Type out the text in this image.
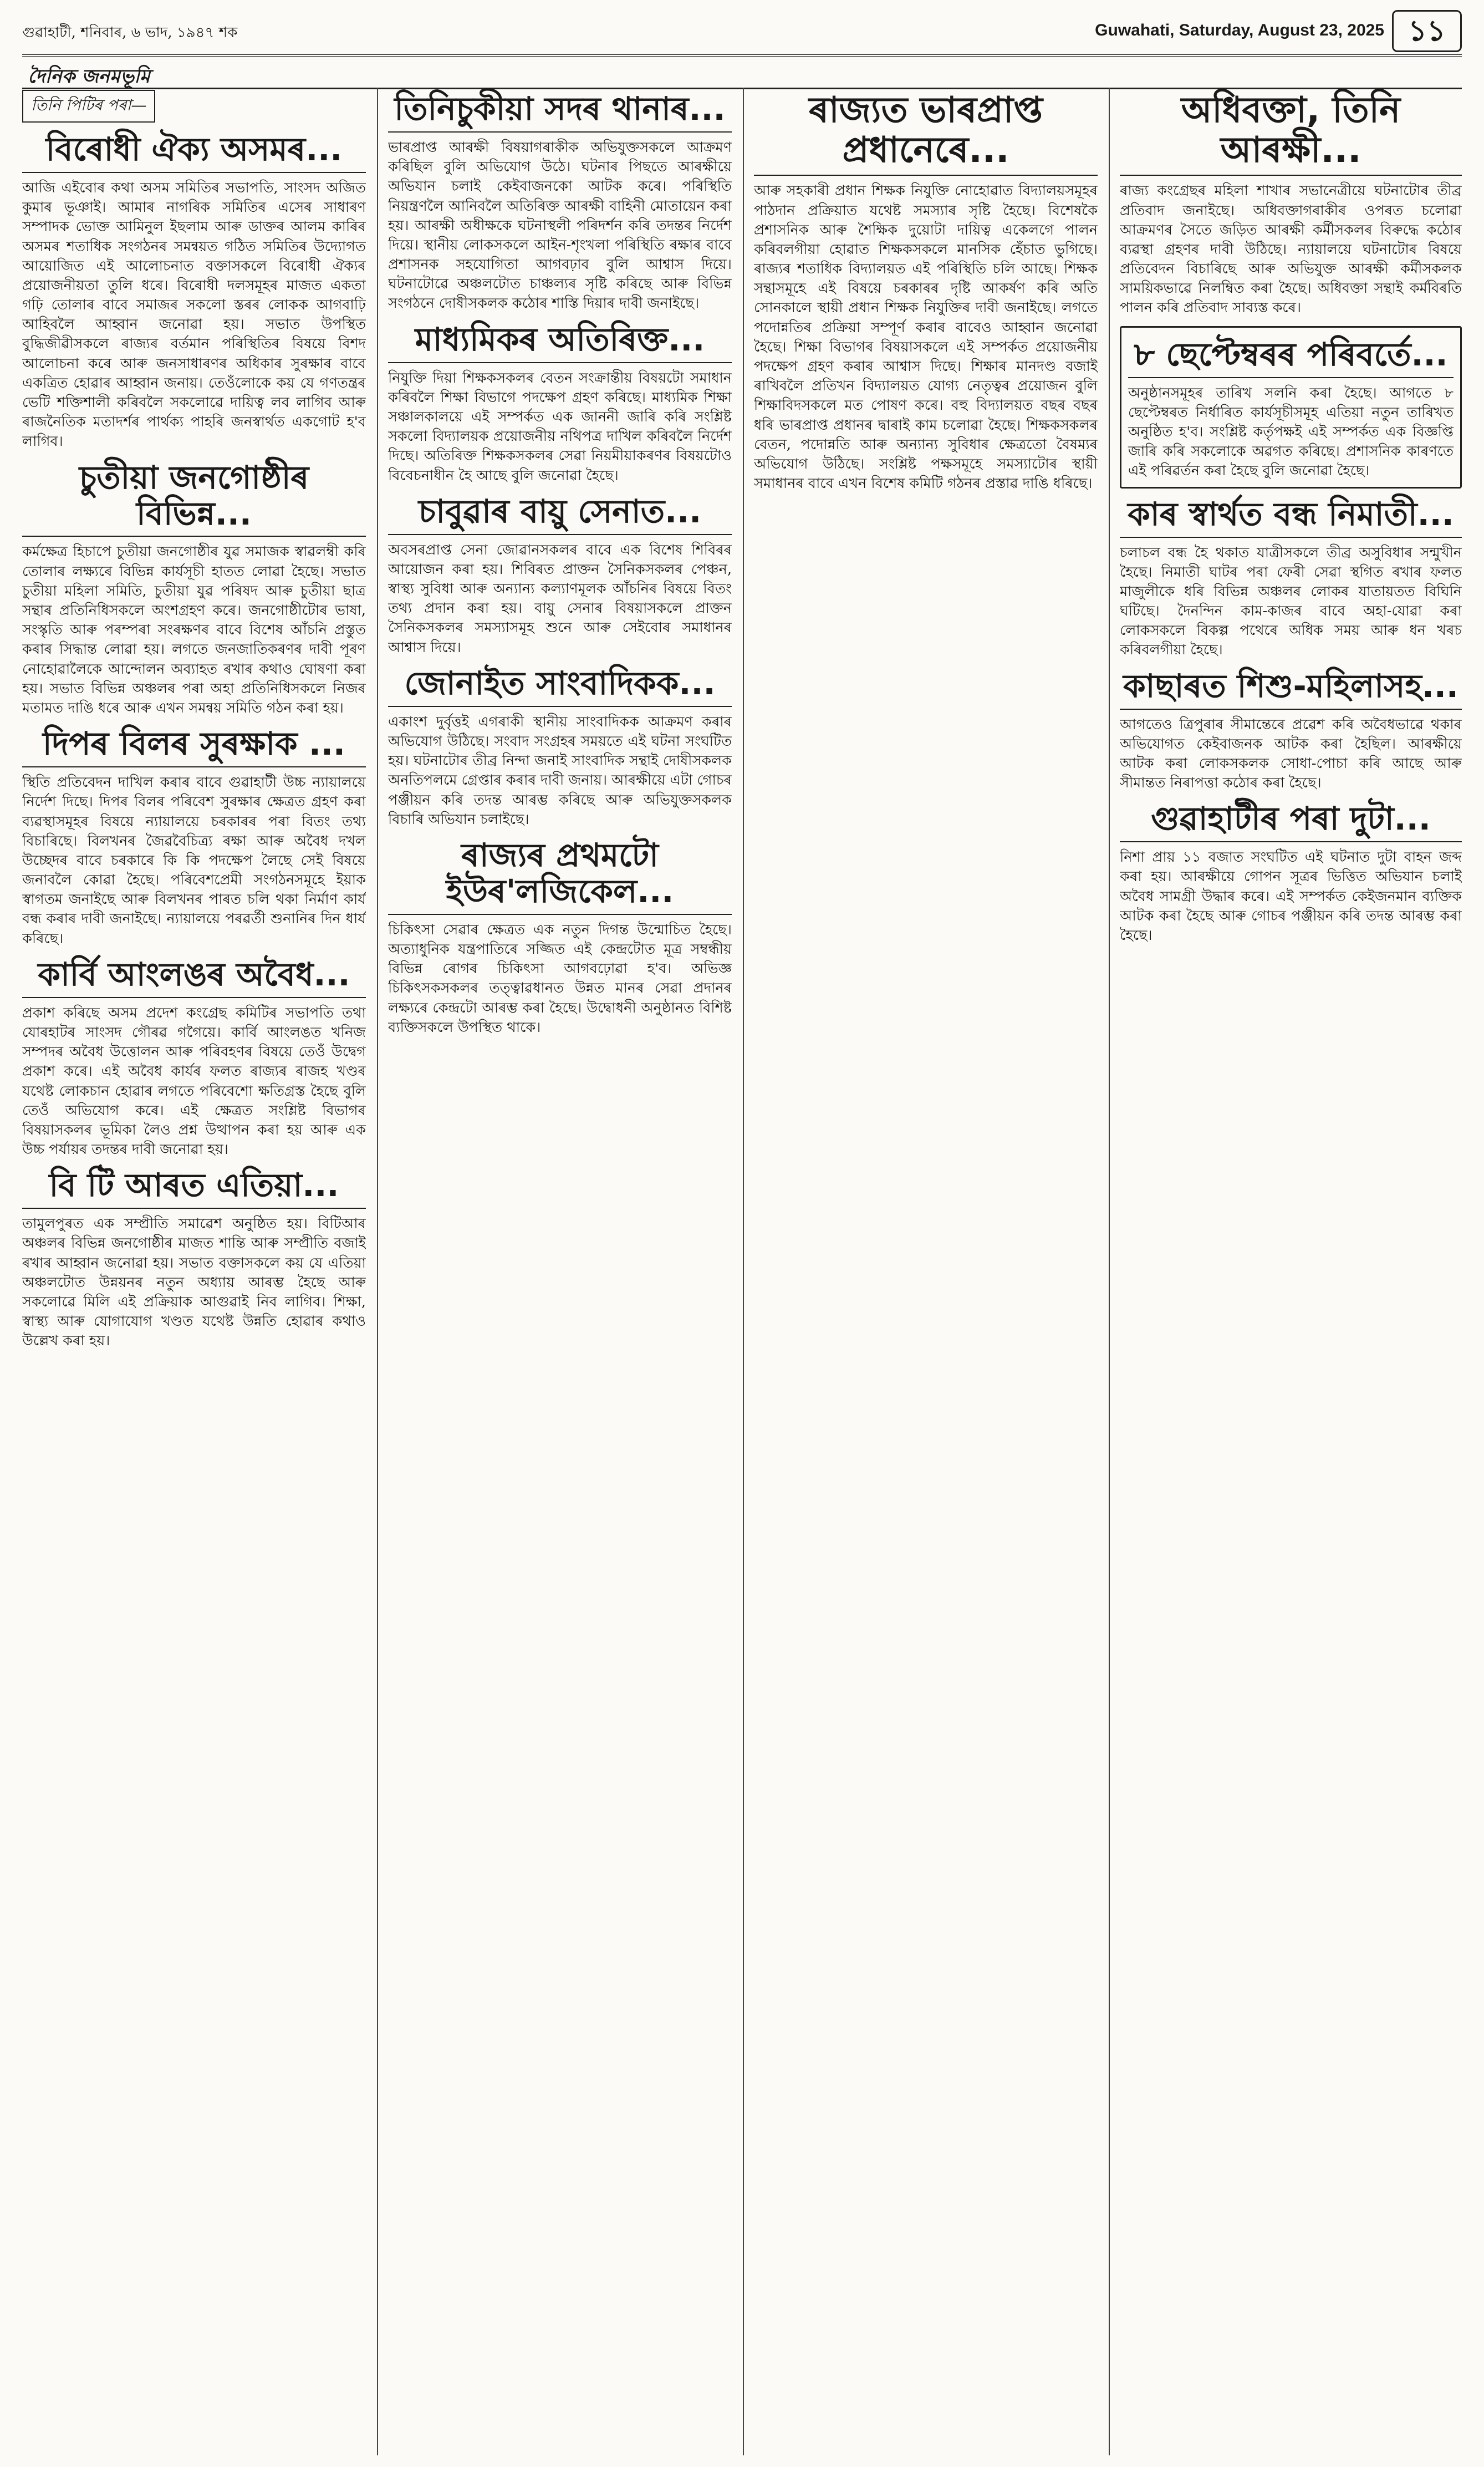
গুৱাহাটী, শনিবাৰ, ৬ ভাদ, ১৯৪৭ শক	Guwahati, Saturday, August 23, 2025 ১১
দৈনিক জনমভূমি
তিনি পিটিৰ পৰা—
বিৰোধী ঐক্য অসমৰ...
আজি এইবোৰ কথা অসম সমিতিৰ সভাপতি, সাংসদ অজিত কুমাৰ ভূঞাই। আমাৰ নাগৰিক সমিতিৰ এসেৰ সাধাৰণ সম্পাদক ভোক্ত আমিনুল ইছলাম আৰু ডাক্তৰ আলম কাৰিৰ অসমৰ শতাধিক সংগঠনৰ সমন্বয়ত গঠিত সমিতিৰ উদ্যোগত আয়োজিত এই আলোচনাত বক্তাসকলে বিৰোধী ঐক্যৰ প্ৰয়োজনীয়তা তুলি ধৰে। বিৰোধী দলসমূহৰ মাজত একতা গঢ়ি তোলাৰ বাবে সমাজৰ সকলো স্তৰৰ লোকক আগবাঢ়ি আহিবলৈ আহ্বান জনোৱা হয়। সভাত উপস্থিত বুদ্ধিজীৱীসকলে ৰাজ্যৰ বৰ্তমান পৰিস্থিতিৰ বিষয়ে বিশদ আলোচনা কৰে আৰু জনসাধাৰণৰ অধিকাৰ সুৰক্ষাৰ বাবে একত্ৰিত হোৱাৰ আহ্বান জনায়। তেওঁলোকে কয় যে গণতন্ত্ৰৰ ভেটি শক্তিশালী কৰিবলৈ সকলোৱে দায়িত্ব লব লাগিব আৰু ৰাজনৈতিক মতাদৰ্শৰ পাৰ্থক্য পাহৰি জনস্বাৰ্থত একগোট হ'ব লাগিব।
চুতীয়া জনগোষ্ঠীৰ বিভিন্ন...
কৰ্মক্ষেত্ৰ হিচাপে চুতীয়া জনগোষ্ঠীৰ যুৱ সমাজক স্বাৱলম্বী কৰি তোলাৰ লক্ষ্যৰে বিভিন্ন কাৰ্যসূচী হাতত লোৱা হৈছে। সভাত চুতীয়া মহিলা সমিতি, চুতীয়া যুৱ পৰিষদ আৰু চুতীয়া ছাত্ৰ সন্থাৰ প্ৰতিনিধিসকলে অংশগ্ৰহণ কৰে। জনগোষ্ঠীটোৰ ভাষা, সংস্কৃতি আৰু পৰম্পৰা সংৰক্ষণৰ বাবে বিশেষ আঁচনি প্ৰস্তুত কৰাৰ সিদ্ধান্ত লোৱা হয়। লগতে জনজাতিকৰণৰ দাবী পূৰণ নোহোৱালৈকে আন্দোলন অব্যাহত ৰখাৰ কথাও ঘোষণা কৰা হয়। সভাত বিভিন্ন অঞ্চলৰ পৰা অহা প্ৰতিনিধিসকলে নিজৰ মতামত দাঙি ধৰে আৰু এখন সমন্বয় সমিতি গঠন কৰা হয়।
দিপৰ বিলৰ সুৰক্ষাক ...
স্থিতি প্ৰতিবেদন দাখিল কৰাৰ বাবে গুৱাহাটী উচ্চ ন্যায়ালয়ে নিৰ্দেশ দিছে। দিপৰ বিলৰ পৰিবেশ সুৰক্ষাৰ ক্ষেত্ৰত গ্ৰহণ কৰা ব্যৱস্থাসমূহৰ বিষয়ে ন্যায়ালয়ে চৰকাৰৰ পৰা বিতং তথ্য বিচাৰিছে। বিলখনৰ জৈৱবৈচিত্ৰ্য ৰক্ষা আৰু অবৈধ দখল উচ্ছেদৰ বাবে চৰকাৰে কি কি পদক্ষেপ লৈছে সেই বিষয়ে জনাবলৈ কোৱা হৈছে। পৰিবেশপ্ৰেমী সংগঠনসমূহে ইয়াক স্বাগতম জনাইছে আৰু বিলখনৰ পাৰত চলি থকা নিৰ্মাণ কাৰ্য বন্ধ কৰাৰ দাবী জনাইছে। ন্যায়ালয়ে পৰৱৰ্তী শুনানিৰ দিন ধাৰ্য কৰিছে।
কাৰ্বি আংলঙৰ অবৈধ...
প্ৰকাশ কৰিছে অসম প্ৰদেশ কংগ্ৰেছ কমিটিৰ সভাপতি তথা যোৰহাটৰ সাংসদ গৌৰৱ গগৈয়ে। কাৰ্বি আংলঙত খনিজ সম্পদৰ অবৈধ উত্তোলন আৰু পৰিবহণৰ বিষয়ে তেওঁ উদ্বেগ প্ৰকাশ কৰে। এই অবৈধ কাৰ্যৰ ফলত ৰাজ্যৰ ৰাজহ খণ্ডৰ যথেষ্ট লোকচান হোৱাৰ লগতে পৰিবেশো ক্ষতিগ্ৰস্ত হৈছে বুলি তেওঁ অভিযোগ কৰে। এই ক্ষেত্ৰত সংশ্লিষ্ট বিভাগৰ বিষয়াসকলৰ ভূমিকা লৈও প্ৰশ্ন উত্থাপন কৰা হয় আৰু এক উচ্চ পৰ্যায়ৰ তদন্তৰ দাবী জনোৱা হয়।
বি টি আৰত এতিয়া...
তামুলপুৰত এক সম্প্ৰীতি সমাৱেশ অনুষ্ঠিত হয়। বিটিআৰ অঞ্চলৰ বিভিন্ন জনগোষ্ঠীৰ মাজত শান্তি আৰু সম্প্ৰীতি বজাই ৰখাৰ আহ্বান জনোৱা হয়। সভাত বক্তাসকলে কয় যে এতিয়া অঞ্চলটোত উন্নয়নৰ নতুন অধ্যায় আৰম্ভ হৈছে আৰু সকলোৱে মিলি এই প্ৰক্ৰিয়াক আগুৱাই নিব লাগিব। শিক্ষা, স্বাস্থ্য আৰু যোগাযোগ খণ্ডত যথেষ্ট উন্নতি হোৱাৰ কথাও উল্লেখ কৰা হয়।
তিনিচুকীয়া সদৰ থানাৰ...
ভাৰপ্ৰাপ্ত আৰক্ষী বিষয়াগৰাকীক অভিযুক্তসকলে আক্ৰমণ কৰিছিল বুলি অভিযোগ উঠে। ঘটনাৰ পিছতে আৰক্ষীয়ে অভিযান চলাই কেইবাজনকো আটক কৰে। পৰিস্থিতি নিয়ন্ত্ৰণলৈ আনিবলৈ অতিৰিক্ত আৰক্ষী বাহিনী মোতায়েন কৰা হয়। আৰক্ষী অধীক্ষকে ঘটনাস্থলী পৰিদৰ্শন কৰি তদন্তৰ নিৰ্দেশ দিয়ে। স্থানীয় লোকসকলে আইন-শৃংখলা পৰিস্থিতি ৰক্ষাৰ বাবে প্ৰশাসনক সহযোগিতা আগবঢ়াব বুলি আশ্বাস দিয়ে। ঘটনাটোৱে অঞ্চলটোত চাঞ্চল্যৰ সৃষ্টি কৰিছে আৰু বিভিন্ন সংগঠনে দোষীসকলক কঠোৰ শাস্তি দিয়াৰ দাবী জনাইছে।
মাধ্যমিকৰ অতিৰিক্ত...
নিযুক্তি দিয়া শিক্ষকসকলৰ বেতন সংক্ৰান্তীয় বিষয়টো সমাধান কৰিবলৈ শিক্ষা বিভাগে পদক্ষেপ গ্ৰহণ কৰিছে। মাধ্যমিক শিক্ষা সঞ্চালকালয়ে এই সম্পৰ্কত এক জাননী জাৰি কৰি সংশ্লিষ্ট সকলো বিদ্যালয়ক প্ৰয়োজনীয় নথিপত্ৰ দাখিল কৰিবলৈ নিৰ্দেশ দিছে। অতিৰিক্ত শিক্ষকসকলৰ সেৱা নিয়মীয়াকৰণৰ বিষয়টোও বিবেচনাধীন হৈ আছে বুলি জনোৱা হৈছে।
চাবুৱাৰ বায়ু সেনাত...
অবসৰপ্ৰাপ্ত সেনা জোৱানসকলৰ বাবে এক বিশেষ শিবিৰৰ আয়োজন কৰা হয়। শিবিৰত প্ৰাক্তন সৈনিকসকলৰ পেঞ্চন, স্বাস্থ্য সুবিধা আৰু অন্যান্য কল্যাণমূলক আঁচনিৰ বিষয়ে বিতং তথ্য প্ৰদান কৰা হয়। বায়ু সেনাৰ বিষয়াসকলে প্ৰাক্তন সৈনিকসকলৰ সমস্যাসমূহ শুনে আৰু সেইবোৰ সমাধানৰ আশ্বাস দিয়ে।
জোনাইত সাংবাদিকক...
একাংশ দুৰ্বৃত্তই এগৰাকী স্থানীয় সাংবাদিকক আক্ৰমণ কৰাৰ অভিযোগ উঠিছে। সংবাদ সংগ্ৰহৰ সময়তে এই ঘটনা সংঘটিত হয়। ঘটনাটোৰ তীব্ৰ নিন্দা জনাই সাংবাদিক সন্থাই দোষীসকলক অনতিপলমে গ্ৰেপ্তাৰ কৰাৰ দাবী জনায়। আৰক্ষীয়ে এটা গোচৰ পঞ্জীয়ন কৰি তদন্ত আৰম্ভ কৰিছে আৰু অভিযুক্তসকলক বিচাৰি অভিযান চলাইছে।
ৰাজ্যৰ প্ৰথমটো ইউৰ'লজিকেল...
চিকিৎসা সেৱাৰ ক্ষেত্ৰত এক নতুন দিগন্ত উন্মোচিত হৈছে। অত্যাধুনিক যন্ত্ৰপাতিৰে সজ্জিত এই কেন্দ্ৰটোত মূত্ৰ সম্বন্ধীয় বিভিন্ন ৰোগৰ চিকিৎসা আগবঢ়োৱা হ'ব। অভিজ্ঞ চিকিৎসকসকলৰ তত্ত্বাৱধানত উন্নত মানৰ সেৱা প্ৰদানৰ লক্ষ্যৰে কেন্দ্ৰটো আৰম্ভ কৰা হৈছে। উদ্বোধনী অনুষ্ঠানত বিশিষ্ট ব্যক্তিসকলে উপস্থিত থাকে।
ৰাজ্যত ভাৰপ্ৰাপ্ত প্ৰধানেৰে...
আৰু সহকাৰী প্ৰধান শিক্ষক নিযুক্তি নোহোৱাত বিদ্যালয়সমূহৰ পাঠদান প্ৰক্ৰিয়াত যথেষ্ট সমস্যাৰ সৃষ্টি হৈছে। বিশেষকৈ প্ৰশাসনিক আৰু শৈক্ষিক দুয়োটা দায়িত্ব একেলগে পালন কৰিবলগীয়া হোৱাত শিক্ষকসকলে মানসিক হেঁচাত ভুগিছে। ৰাজ্যৰ শতাধিক বিদ্যালয়ত এই পৰিস্থিতি চলি আছে। শিক্ষক সন্থাসমূহে এই বিষয়ে চৰকাৰৰ দৃষ্টি আকৰ্ষণ কৰি অতি সোনকালে স্থায়ী প্ৰধান শিক্ষক নিযুক্তিৰ দাবী জনাইছে। লগতে পদোন্নতিৰ প্ৰক্ৰিয়া সম্পূৰ্ণ কৰাৰ বাবেও আহ্বান জনোৱা হৈছে। শিক্ষা বিভাগৰ বিষয়াসকলে এই সম্পৰ্কত প্ৰয়োজনীয় পদক্ষেপ গ্ৰহণ কৰাৰ আশ্বাস দিছে। শিক্ষাৰ মানদণ্ড বজাই ৰাখিবলৈ প্ৰতিখন বিদ্যালয়ত যোগ্য নেতৃত্বৰ প্ৰয়োজন বুলি শিক্ষাবিদসকলে মত পোষণ কৰে। বহু বিদ্যালয়ত বছৰ বছৰ ধৰি ভাৰপ্ৰাপ্ত প্ৰধানৰ দ্বাৰাই কাম চলোৱা হৈছে। শিক্ষকসকলৰ বেতন, পদোন্নতি আৰু অন্যান্য সুবিধাৰ ক্ষেত্ৰতো বৈষম্যৰ অভিযোগ উঠিছে। সংশ্লিষ্ট পক্ষসমূহে সমস্যাটোৰ স্থায়ী সমাধানৰ বাবে এখন বিশেষ কমিটি গঠনৰ প্ৰস্তাৱ দাঙি ধৰিছে।
অধিবক্তা, তিনি আৰক্ষী...
ৰাজ্য কংগ্ৰেছৰ মহিলা শাখাৰ সভানেত্ৰীয়ে ঘটনাটোৰ তীব্ৰ প্ৰতিবাদ জনাইছে। অধিবক্তাগৰাকীৰ ওপৰত চলোৱা আক্ৰমণৰ সৈতে জড়িত আৰক্ষী কৰ্মীসকলৰ বিৰুদ্ধে কঠোৰ ব্যৱস্থা গ্ৰহণৰ দাবী উঠিছে। ন্যায়ালয়ে ঘটনাটোৰ বিষয়ে প্ৰতিবেদন বিচাৰিছে আৰু অভিযুক্ত আৰক্ষী কৰ্মীসকলক সাময়িকভাৱে নিলম্বিত কৰা হৈছে। অধিবক্তা সন্থাই কৰ্মবিৰতি পালন কৰি প্ৰতিবাদ সাব্যস্ত কৰে।
৮ ছেপ্টেম্বৰৰ পৰিবৰ্তে...
অনুষ্ঠানসমূহৰ তাৰিখ সলনি কৰা হৈছে। আগতে ৮ ছেপ্টেম্বৰত নিৰ্ধাৰিত কাৰ্যসূচীসমূহ এতিয়া নতুন তাৰিখত অনুষ্ঠিত হ'ব। সংশ্লিষ্ট কৰ্তৃপক্ষই এই সম্পৰ্কত এক বিজ্ঞপ্তি জাৰি কৰি সকলোকে অৱগত কৰিছে। প্ৰশাসনিক কাৰণতে এই পৰিৱৰ্তন কৰা হৈছে বুলি জনোৱা হৈছে।
কাৰ স্বাৰ্থত বন্ধ নিমাতী...
চলাচল বন্ধ হৈ থকাত যাত্ৰীসকলে তীব্ৰ অসুবিধাৰ সন্মুখীন হৈছে। নিমাতী ঘাটৰ পৰা ফেৰী সেৱা স্থগিত ৰখাৰ ফলত মাজুলীকে ধৰি বিভিন্ন অঞ্চলৰ লোকৰ যাতায়তত বিঘিনি ঘটিছে। দৈনন্দিন কাম-কাজৰ বাবে অহা-যোৱা কৰা লোকসকলে বিকল্প পথেৰে অধিক সময় আৰু ধন খৰচ কৰিবলগীয়া হৈছে।
কাছাৰত শিশু-মহিলাসহ...
আগতেও ত্ৰিপুৰাৰ সীমান্তেৰে প্ৰৱেশ কৰি অবৈধভাৱে থকাৰ অভিযোগত কেইবাজনক আটক কৰা হৈছিল। আৰক্ষীয়ে আটক কৰা লোকসকলক সোধা-পোচা কৰি আছে আৰু সীমান্তত নিৰাপত্তা কঠোৰ কৰা হৈছে।
গুৱাহাটীৰ পৰা দুটা...
নিশা প্ৰায় ১১ বজাত সংঘটিত এই ঘটনাত দুটা বাহন জব্দ কৰা হয়। আৰক্ষীয়ে গোপন সূত্ৰৰ ভিত্তিত অভিযান চলাই অবৈধ সামগ্ৰী উদ্ধাৰ কৰে। এই সম্পৰ্কত কেইজনমান ব্যক্তিক আটক কৰা হৈছে আৰু গোচৰ পঞ্জীয়ন কৰি তদন্ত আৰম্ভ কৰা হৈছে।
